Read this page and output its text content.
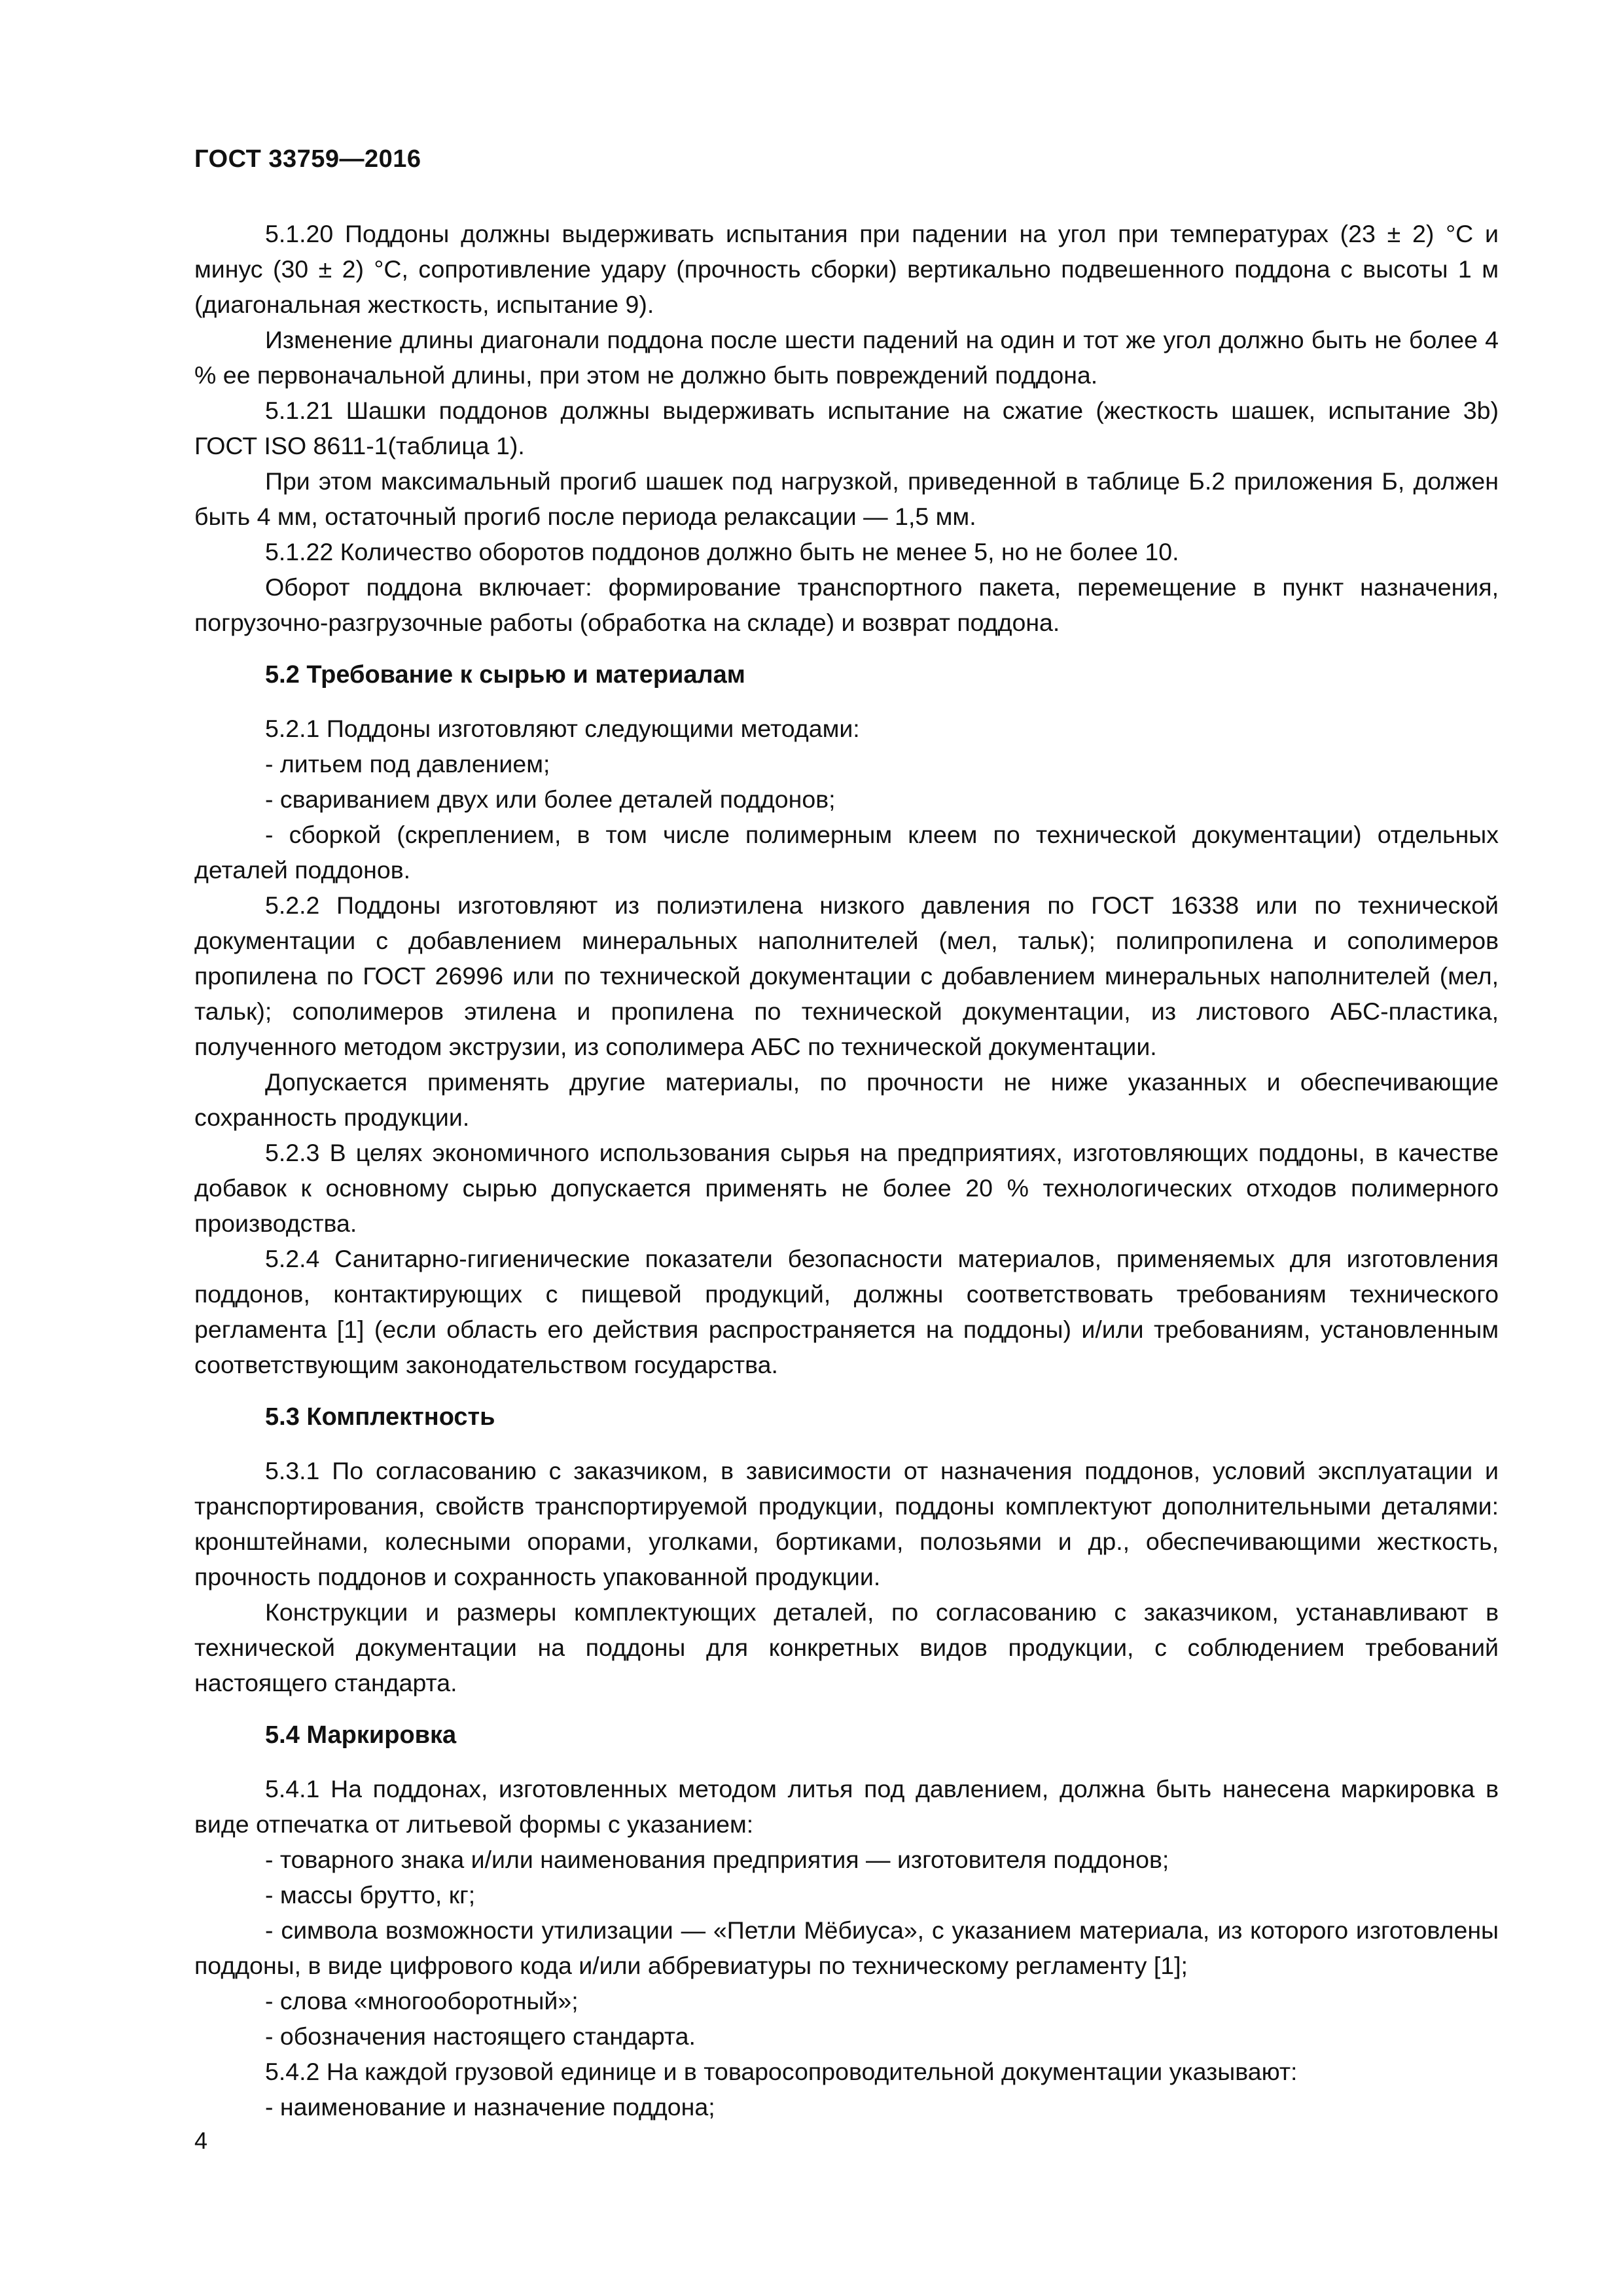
ГОСТ 33759—2016

5.1.20 Поддоны должны выдерживать испытания при падении на угол при температурах (23 ± 2) °С и минус (30 ± 2) °С, сопротивление удару (прочность сборки) вертикально подвешенного поддона с высоты 1 м (диагональная жесткость, испытание 9).

Изменение длины диагонали поддона после шести падений на один и тот же угол должно быть не более 4 % ее первоначальной длины, при этом не должно быть повреждений поддона.

5.1.21 Шашки поддонов должны выдерживать испытание на сжатие (жесткость шашек, испытание 3b) ГОСТ ISO 8611-1(таблица 1).

При этом максимальный прогиб шашек под нагрузкой, приведенной в таблице Б.2 приложения Б, должен быть 4 мм, остаточный прогиб после периода релаксации — 1,5 мм.

5.1.22 Количество оборотов поддонов должно быть не менее 5, но не более 10.

Оборот поддона включает: формирование транспортного пакета, перемещение в пункт назначения, погрузочно-разгрузочные работы (обработка на складе) и возврат поддона.

5.2 Требование к сырью и материалам

5.2.1 Поддоны изготовляют следующими методами:

- литьем под давлением;

- свариванием двух или более деталей поддонов;

- сборкой (скреплением, в том числе полимерным клеем по технической документации) отдельных деталей поддонов.

5.2.2 Поддоны изготовляют из полиэтилена низкого давления по ГОСТ 16338 или по технической документации с добавлением минеральных наполнителей (мел, тальк); полипропилена и сополимеров пропилена по ГОСТ 26996 или по технической документации с добавлением минеральных наполнителей (мел, тальк); сополимеров этилена и пропилена по технической документации, из листового АБС-пластика, полученного методом экструзии, из сополимера АБС по технической документации.

Допускается применять другие материалы, по прочности не ниже указанных и обеспечивающие сохранность продукции.

5.2.3 В целях экономичного использования сырья на предприятиях, изготовляющих поддоны, в качестве добавок к основному сырью допускается применять не более 20 % технологических отходов полимерного производства.

5.2.4 Санитарно-гигиенические показатели безопасности материалов, применяемых для изготовления поддонов, контактирующих с пищевой продукций, должны соответствовать требованиям технического регламента [1] (если область его действия распространяется на поддоны) и/или требованиям, установленным соответствующим законодательством государства.

5.3 Комплектность

5.3.1 По согласованию с заказчиком, в зависимости от назначения поддонов, условий эксплуатации и транспортирования, свойств транспортируемой продукции, поддоны комплектуют дополнительными деталями: кронштейнами, колесными опорами, уголками, бортиками, полозьями и др., обеспечивающими жесткость, прочность поддонов и сохранность упакованной продукции.

Конструкции и размеры комплектующих деталей, по согласованию с заказчиком, устанавливают в технической документации на поддоны для конкретных видов продукции, с соблюдением требований настоящего стандарта.

5.4 Маркировка

5.4.1 На поддонах, изготовленных методом литья под давлением, должна быть нанесена маркировка в виде отпечатка от литьевой формы с указанием:

- товарного знака и/или наименования предприятия — изготовителя поддонов;

- массы брутто, кг;

- символа возможности утилизации — «Петли Мёбиуса», с указанием материала, из которого изготовлены поддоны, в виде цифрового кода и/или аббревиатуры по техническому регламенту [1];

- слова «многооборотный»;

- обозначения настоящего стандарта.

5.4.2 На каждой грузовой единице и в товаросопроводительной документации указывают:

- наименование и назначение поддона;

4
